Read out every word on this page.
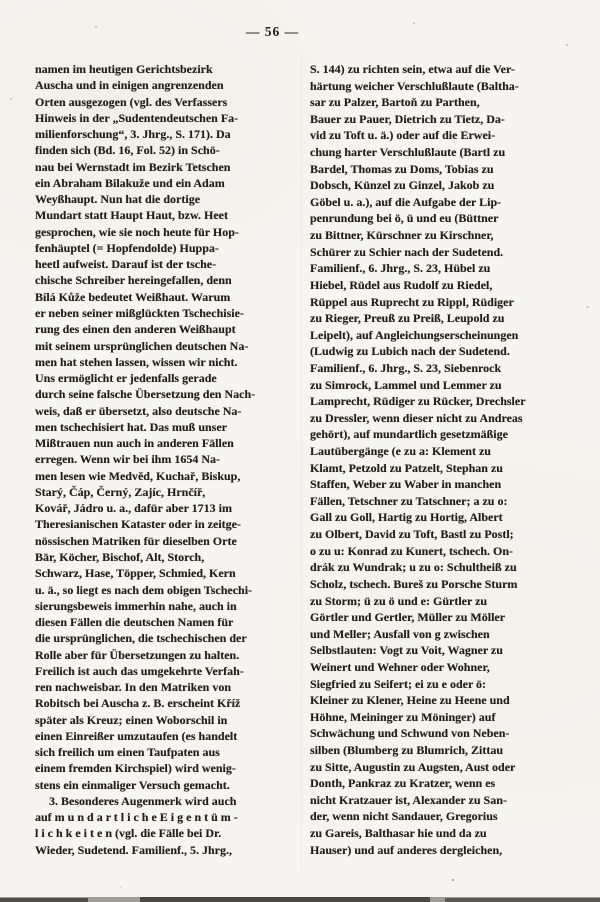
— 56 —
namen im heutigen Gerichtsbezirk
Auscha und in einigen angrenzenden
Orten ausgezogen (vgl. des Verfassers
Hinweis in der „Sudentendeutschen Fa-
milienforschung“, 3. Jhrg., S. 171). Da
finden sich (Bd. 16, Fol. 52) in Schö-
nau bei Wernstadt im Bezirk Tetschen
ein Abraham Bilakuže und ein Adam
Weyßhaupt. Nun hat die dortige
Mundart statt Haupt Haut, bzw. Heet
gesprochen, wie sie noch heute für Hop-
fenhäuptel (= Hopfendolde) Huppa-
heetl aufweist. Darauf ist der tsche-
chische Schreiber hereingefallen, denn
Bílá Kůže bedeutet Weißhaut. Warum
er neben seiner mißglückten Tschechisie-
rung des einen den anderen Weißhaupt
mit seinem ursprünglichen deutschen Na-
men hat stehen lassen, wissen wir nicht.
Uns ermöglicht er jedenfalls gerade
durch seine falsche Übersetzung den Nach-
weis, daß er übersetzt, also deutsche Na-
men tschechisiert hat. Das muß unser
Mißtrauen nun auch in anderen Fällen
erregen. Wenn wir bei ihm 1654 Na-
men lesen wie Medvěd, Kuchař, Biskup,
Starý, Čáp, Černý, Zajíc, Hrnčíř,
Kovář, Jádro u. a., dafür aber 1713 im
Theresianischen Kataster oder in zeitge-
nössischen Matriken für dieselben Orte
Bär, Köcher, Bischof, Alt, Storch,
Schwarz, Hase, Töpper, Schmied, Kern
u. ä., so liegt es nach dem obigen Tschechi-
sierungsbeweis immerhin nahe, auch in
diesen Fällen die deutschen Namen für
die ursprünglichen, die tschechischen der
Rolle aber für Übersetzungen zu halten.
Freilich ist auch das umgekehrte Verfah-
ren nachweisbar. In den Matriken von
Robitsch bei Auscha z. B. erscheint Kříž
später als Kreuz; einen Woborschil in
einen Einreißer umzutaufen (es handelt
sich freilich um einen Taufpaten aus
einem fremden Kirchspiel) wird wenig-
stens ein einmaliger Versuch gemacht.
3. Besonderes Augenmerk wird auch
auf m u n d a r t l i c h e E i g e n t ü m -
l i c h k e i t e n (vgl. die Fälle bei Dr.
Wieder, Sudetend. Familienf., 5. Jhrg.,
S. 144) zu richten sein, etwa auf die Ver-
härtung weicher Verschlußlaute (Baltha-
sar zu Palzer, Bartoň zu Parthen,
Bauer zu Pauer, Dietrich zu Tietz, Da-
vid zu Toft u. ä.) oder auf die Erwei-
chung harter Verschlußlaute (Bartl zu
Bardel, Thomas zu Doms, Tobias zu
Dobsch, Künzel zu Ginzel, Jakob zu
Göbel u. a.), auf die Aufgabe der Lip-
penrundung bei ö, ü und eu (Büttner
zu Bittner, Kürschner zu Kirschner,
Schürer zu Schier nach der Sudetend.
Familienf., 6. Jhrg., S. 23, Hübel zu
Hiebel, Rüdel aus Rudolf zu Riedel,
Rüppel aus Ruprecht zu Rippl, Rüdiger
zu Rieger, Preuß zu Preiß, Leupold zu
Leipelt), auf Angleichungserscheinungen
(Ludwig zu Lubich nach der Sudetend.
Familienf., 6. Jhrg., S. 23, Siebenrock
zu Simrock, Lammel und Lemmer zu
Lamprecht, Rüdiger zu Rücker, Drechsler
zu Dressler, wenn dieser nicht zu Andreas
gehört), auf mundartlich gesetzmäßige
Lautübergänge (e zu a: Klement zu
Klamt, Petzold zu Patzelt, Stephan zu
Staffen, Weber zu Waber in manchen
Fällen, Tetschner zu Tatschner; a zu o:
Gall zu Goll, Hartig zu Hortig, Albert
zu Olbert, David zu Toft, Bastl zu Postl;
o zu u: Konrad zu Kunert, tschech. On-
drák zu Wundrak; u zu o: Schultheiß zu
Scholz, tschech. Bureš zu Porsche Sturm
zu Storm; ü zu ö und e: Gürtler zu
Görtler und Gertler, Müller zu Möller
und Meller; Ausfall von g zwischen
Selbstlauten: Vogt zu Voit, Wagner zu
Weinert und Wehner oder Wohner,
Siegfried zu Seifert; ei zu e oder ö:
Kleiner zu Klener, Heine zu Heene und
Höhne, Meininger zu Möninger) auf
Schwächung und Schwund von Neben-
silben (Blumberg zu Blumrich, Zittau
zu Sitte, Augustin zu Augsten, Aust oder
Donth, Pankraz zu Kratzer, wenn es
nicht Kratzauer ist, Alexander zu San-
der, wenn nicht Sandauer, Gregorius
zu Gareis, Balthasar hie und da zu
Hauser) und auf anderes dergleichen,
